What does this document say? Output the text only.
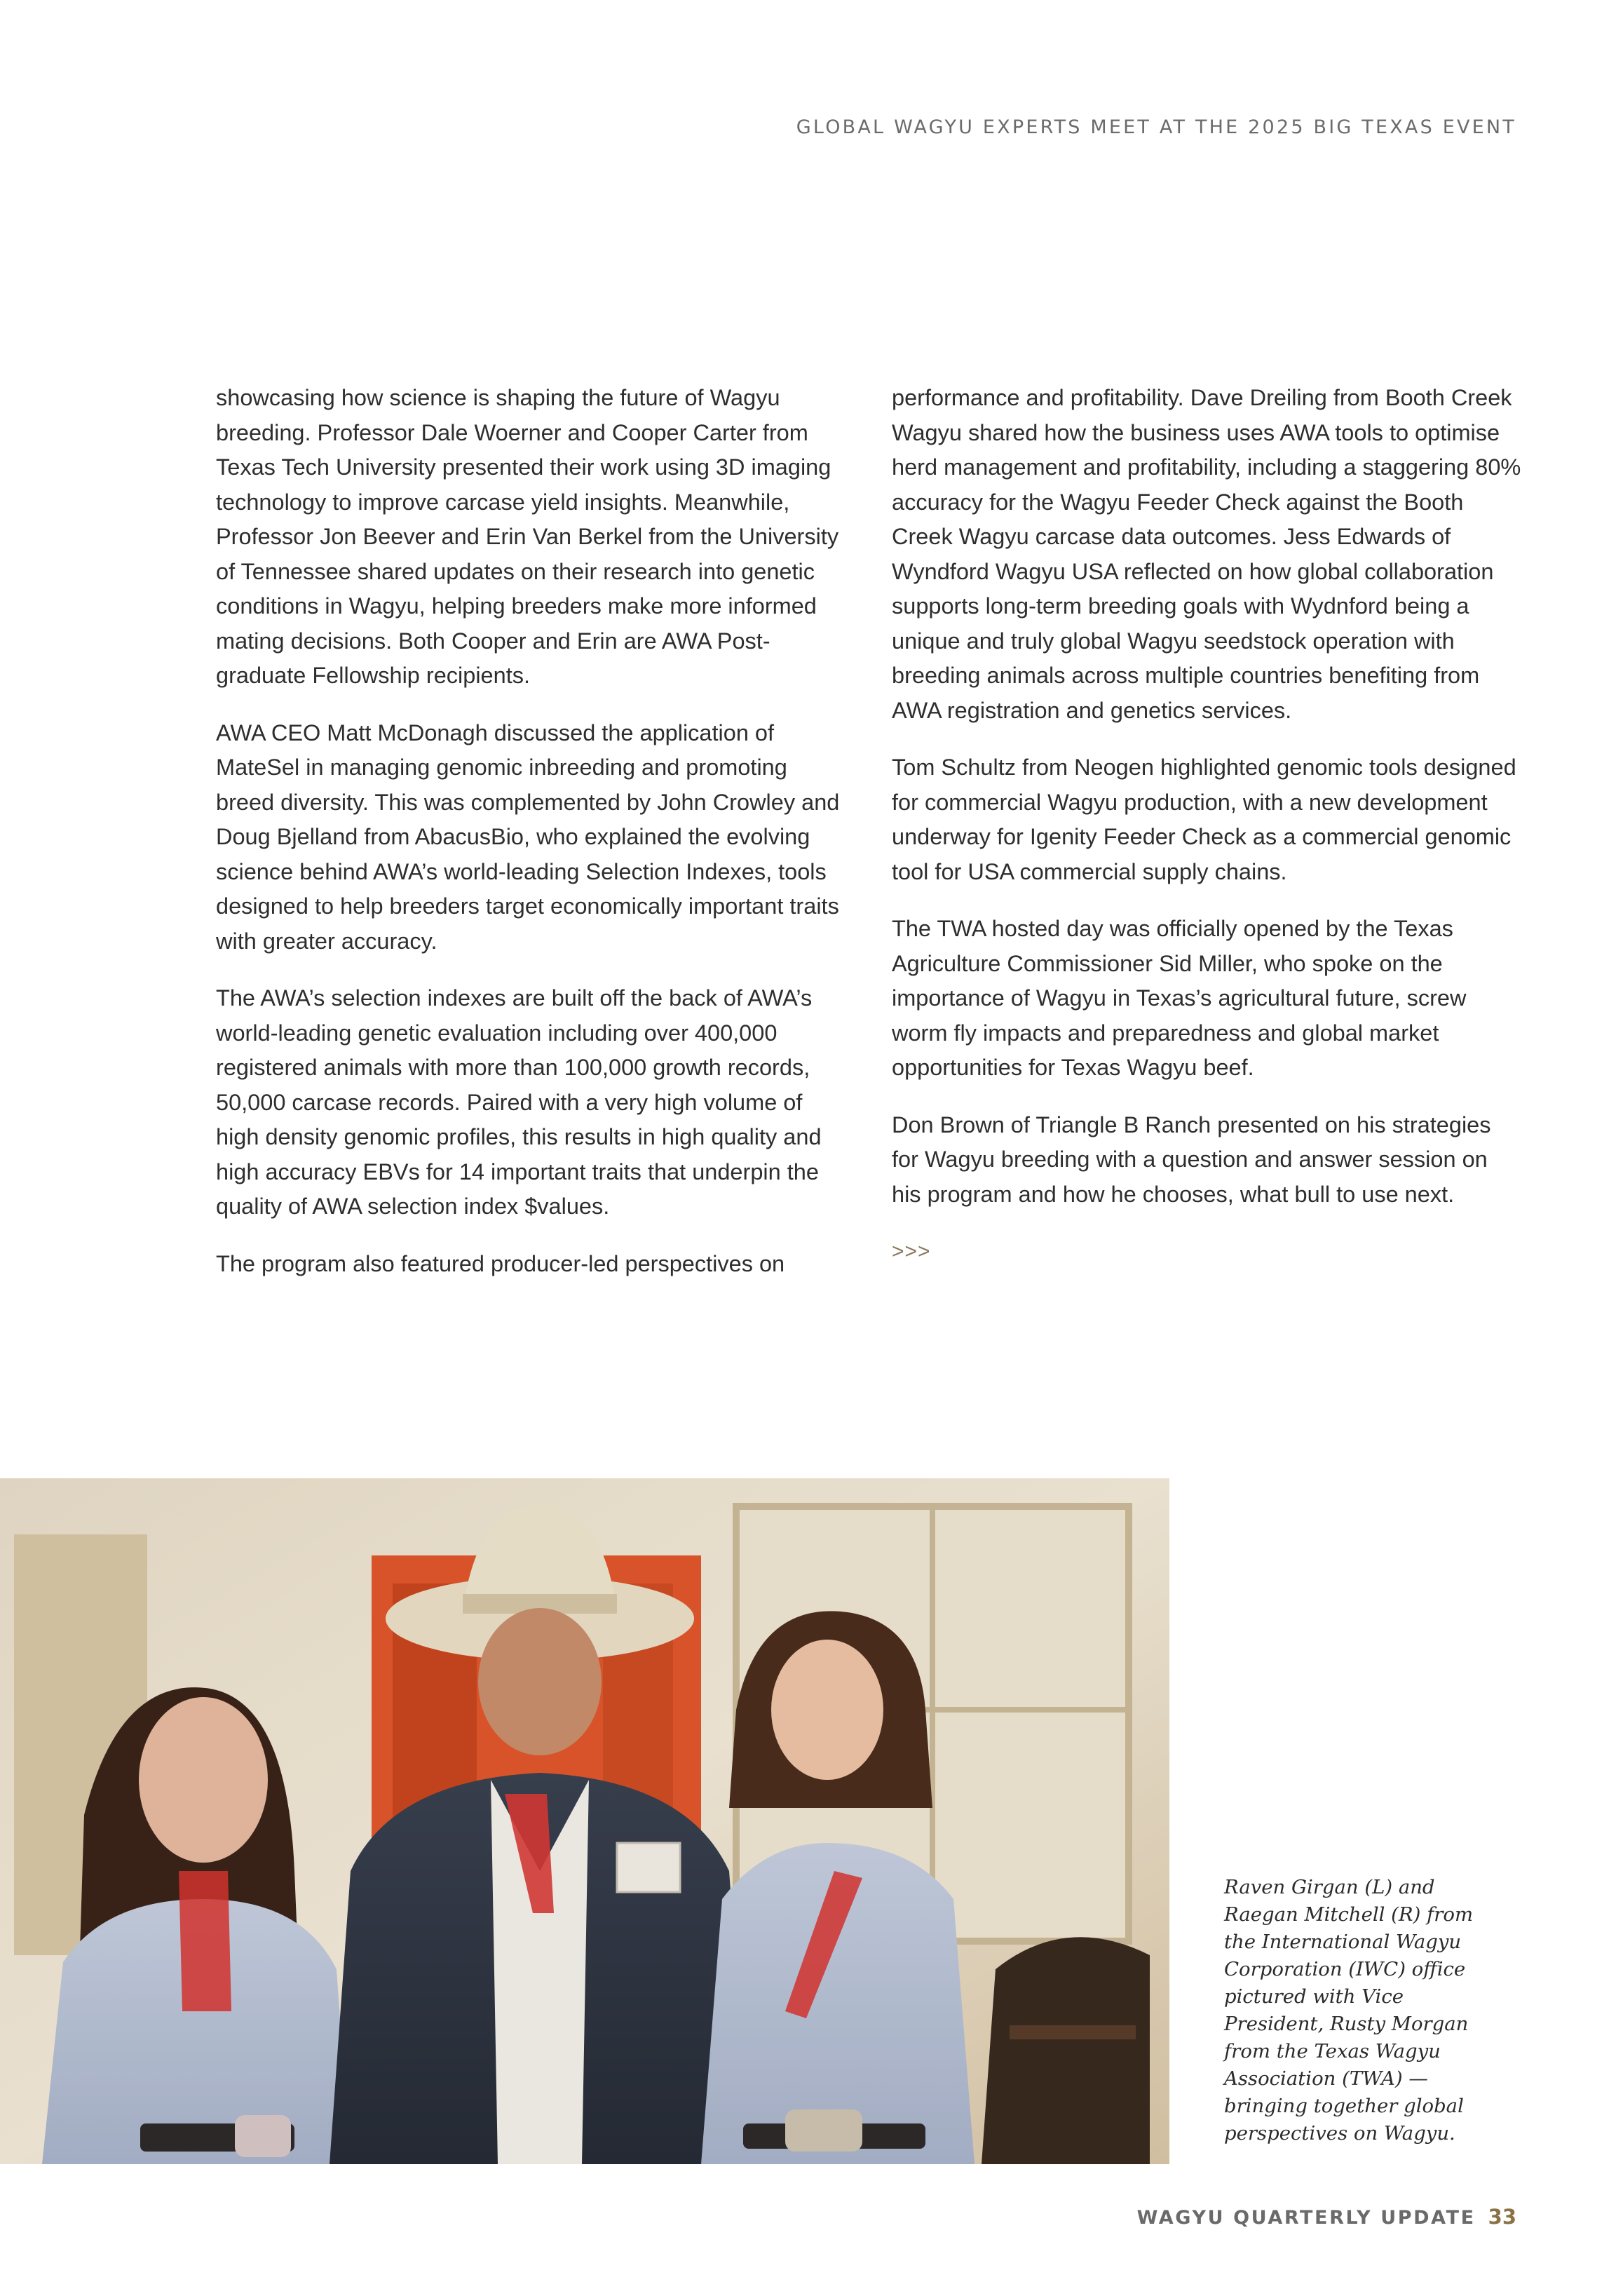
GLOBAL WAGYU EXPERTS MEET AT THE 2025 BIG TEXAS EVENT

showcasing how science is shaping the future of Wagyu breeding. Professor Dale Woerner and Cooper Carter from Texas Tech University presented their work using 3D imaging technology to improve carcase yield insights. Meanwhile, Professor Jon Beever and Erin Van Berkel from the University of Tennessee shared updates on their research into genetic conditions in Wagyu, helping breeders make more informed mating decisions. Both Cooper and Erin are AWA Post-graduate Fellowship recipients.

AWA CEO Matt McDonagh discussed the application of MateSel in managing genomic inbreeding and promoting breed diversity. This was complemented by John Crowley and Doug Bjelland from AbacusBio, who explained the evolving science behind AWA’s world-leading Selection Indexes, tools designed to help breeders target economically important traits with greater accuracy.

The AWA’s selection indexes are built off the back of AWA’s world-leading genetic evaluation including over 400,000 registered animals with more than 100,000 growth records, 50,000 carcase records. Paired with a very high volume of high density genomic profiles, this results in high quality and high accuracy EBVs for 14 important traits that underpin the quality of AWA selection index $values.

The program also featured producer-led perspectives on

performance and profitability. Dave Dreiling from Booth Creek Wagyu shared how the business uses AWA tools to optimise herd management and profitability, including a staggering 80% accuracy for the Wagyu Feeder Check against the Booth Creek Wagyu carcase data outcomes. Jess Edwards of Wyndford Wagyu USA reflected on how global collaboration supports long-term breeding goals with Wydnford being a unique and truly global Wagyu seedstock operation with breeding animals across multiple countries benefiting from AWA registration and genetics services.

Tom Schultz from Neogen highlighted genomic tools designed for commercial Wagyu production, with a new development underway for Igenity Feeder Check as a commercial genomic tool for USA commercial supply chains.

The TWA hosted day was officially opened by the Texas Agriculture Commissioner Sid Miller, who spoke on the importance of Wagyu in Texas’s agricultural future, screw worm fly impacts and preparedness and global market opportunities for Texas Wagyu beef.

Don Brown of Triangle B Ranch presented on his strategies for Wagyu breeding with a question and answer session on his program and how he chooses, what bull to use next.

>>>

Raven Girgan (L) and Raegan Mitchell (R) from the International Wagyu Corporation (IWC) office pictured with Vice President, Rusty Morgan from the Texas Wagyu Association (TWA) —bringing together global perspectives on Wagyu.

WAGYU QUARTERLY UPDATE 33
